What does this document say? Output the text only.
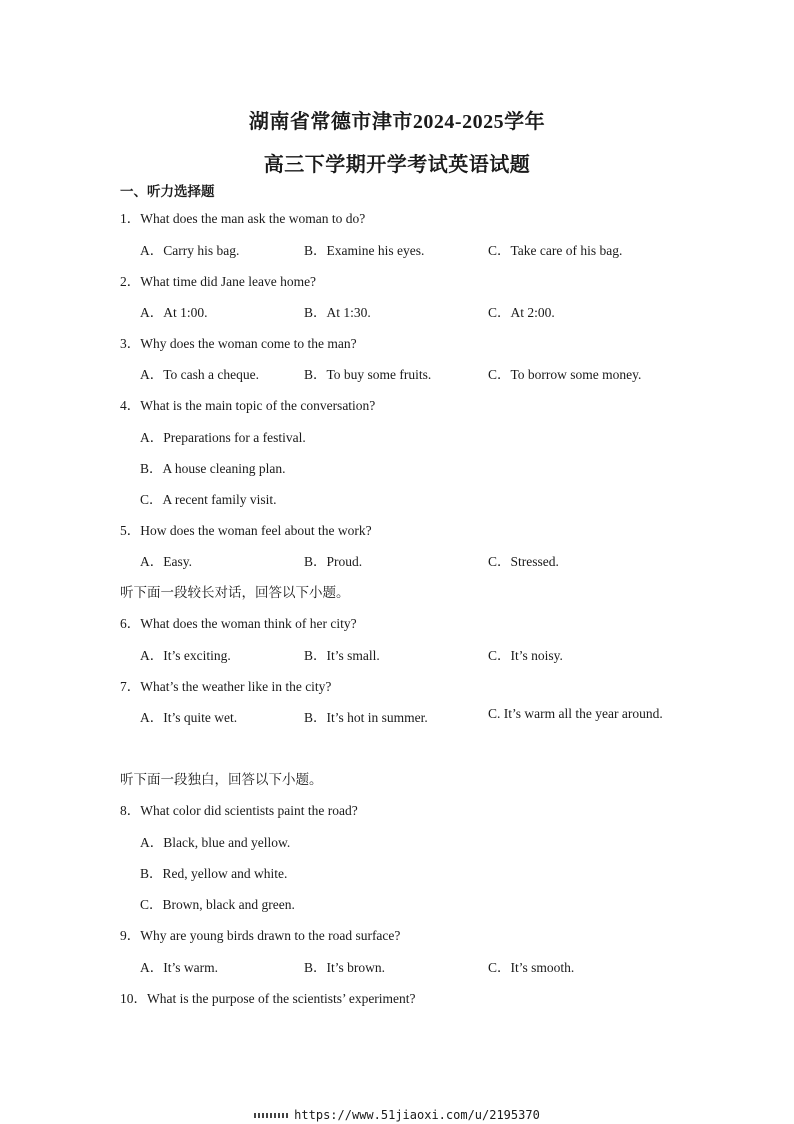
湖南省常德市津市2024-2025学年
高三下学期开学考试英语试题
一、听力选择题
1．What does the man ask the woman to do?
A．Carry his bag.	B．Examine his eyes.	C．Take care of his bag.
2．What time did Jane leave home?
A．At 1:00.	B．At 1:30.	C．At 2:00.
3．Why does the woman come to the man?
A．To cash a cheque.	B．To buy some fruits.	C．To borrow some money.
4．What is the main topic of the conversation?
A．Preparations for a festival.
B．A house cleaning plan.
C．A recent family visit.
5．How does the woman feel about the work?
A．Easy.	B．Proud.	C．Stressed.
听下面一段较长对话，回答以下小题。
6．What does the woman think of her city?
A．It’s exciting.	B．It’s small.	C．It’s noisy.
7．What’s the weather like in the city?
A．It’s quite wet.	B．It’s hot in summer.	C. It’s warm all the year around.
听下面一段独白，回答以下小题。
8．What color did scientists paint the road?
A．Black, blue and yellow.
B．Red, yellow and white.
C．Brown, black and green.
9．Why are young birds drawn to the road surface?
A．It’s warm.	B．It’s brown.	C．It’s smooth.
10．What is the purpose of the scientists’ experiment?
https://www.51jiaoxi.com/u/2195370
